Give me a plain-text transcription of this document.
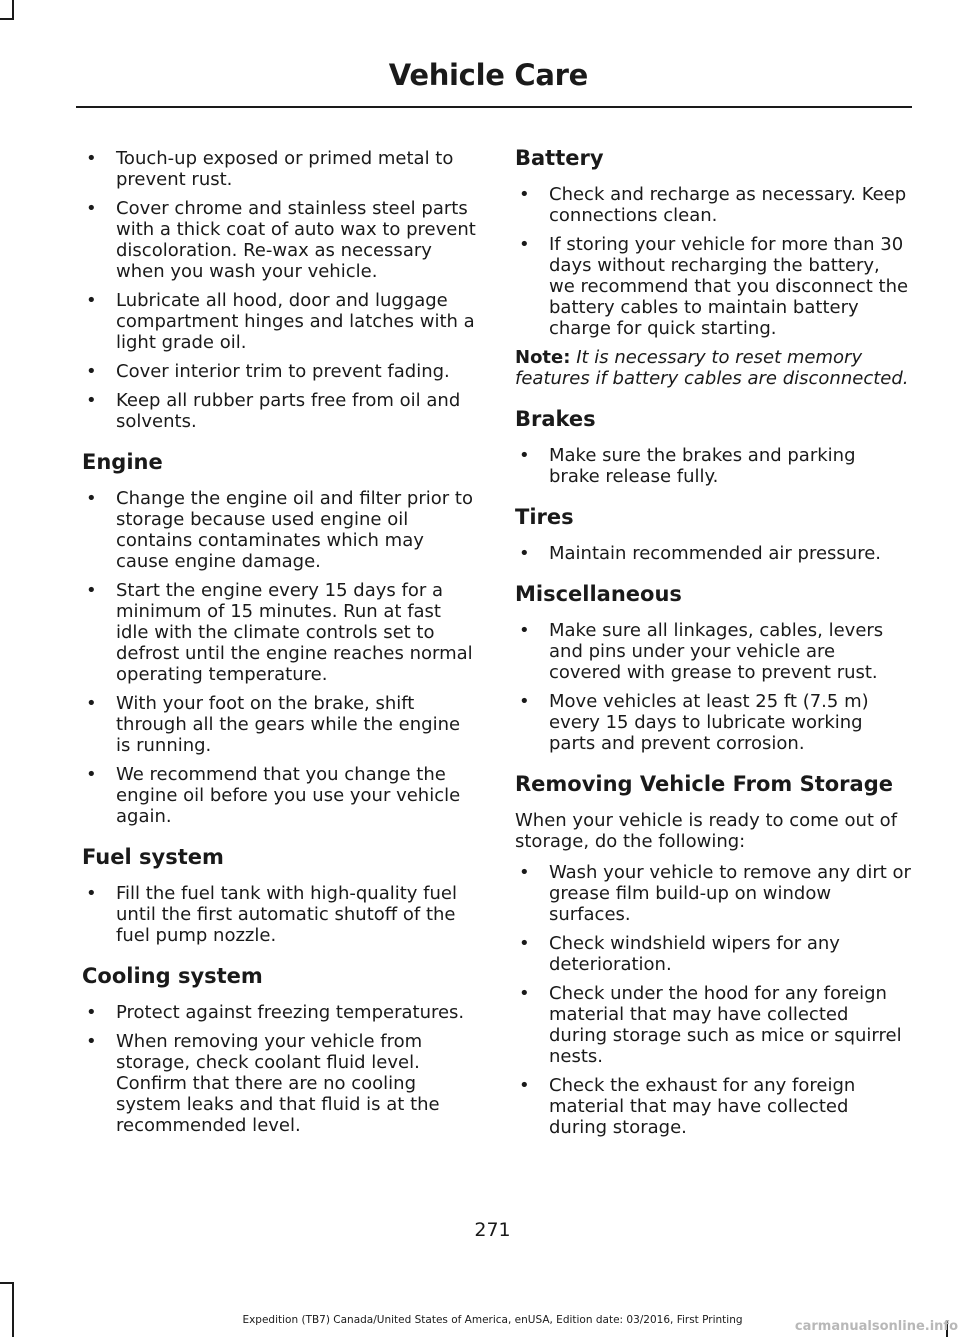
Vehicle Care
• Touch-up exposed or primed metal to prevent rust.
• Cover chrome and stainless steel parts with a thick coat of auto wax to prevent discoloration. Re-wax as necessary when you wash your vehicle.
• Lubricate all hood, door and luggage compartment hinges and latches with a light grade oil.
• Cover interior trim to prevent fading.
• Keep all rubber parts free from oil and solvents.
Engine
• Change the engine oil and filter prior to storage because used engine oil contains contaminates which may cause engine damage.
• Start the engine every 15 days for a minimum of 15 minutes. Run at fast idle with the climate controls set to defrost until the engine reaches normal operating temperature.
• With your foot on the brake, shift through all the gears while the engine is running.
• We recommend that you change the engine oil before you use your vehicle again.
Fuel system
• Fill the fuel tank with high-quality fuel until the first automatic shutoff of the fuel pump nozzle.
Cooling system
• Protect against freezing temperatures.
• When removing your vehicle from storage, check coolant fluid level. Confirm that there are no cooling system leaks and that fluid is at the recommended level.
Battery
• Check and recharge as necessary. Keep connections clean.
• If storing your vehicle for more than 30 days without recharging the battery, we recommend that you disconnect the battery cables to maintain battery charge for quick starting.

Note: It is necessary to reset memory features if battery cables are disconnected.

Brakes
• Make sure the brakes and parking brake release fully.
Tires
• Maintain recommended air pressure.
Miscellaneous
• Make sure all linkages, cables, levers and pins under your vehicle are covered with grease to prevent rust.
• Move vehicles at least 25 ft (7.5 m) every 15 days to lubricate working parts and prevent corrosion.
Removing Vehicle From Storage

When your vehicle is ready to come out of storage, do the following:

• Wash your vehicle to remove any dirt or grease film build-up on window surfaces.
• Check windshield wipers for any deterioration.
• Check under the hood for any foreign material that may have collected during storage such as mice or squirrel nests.
• Check the exhaust for any foreign material that may have collected during storage.
271
Expedition (TB7) Canada/United States of America, enUSA, Edition date: 03/2016, First Printing	carmanualsonline.info
